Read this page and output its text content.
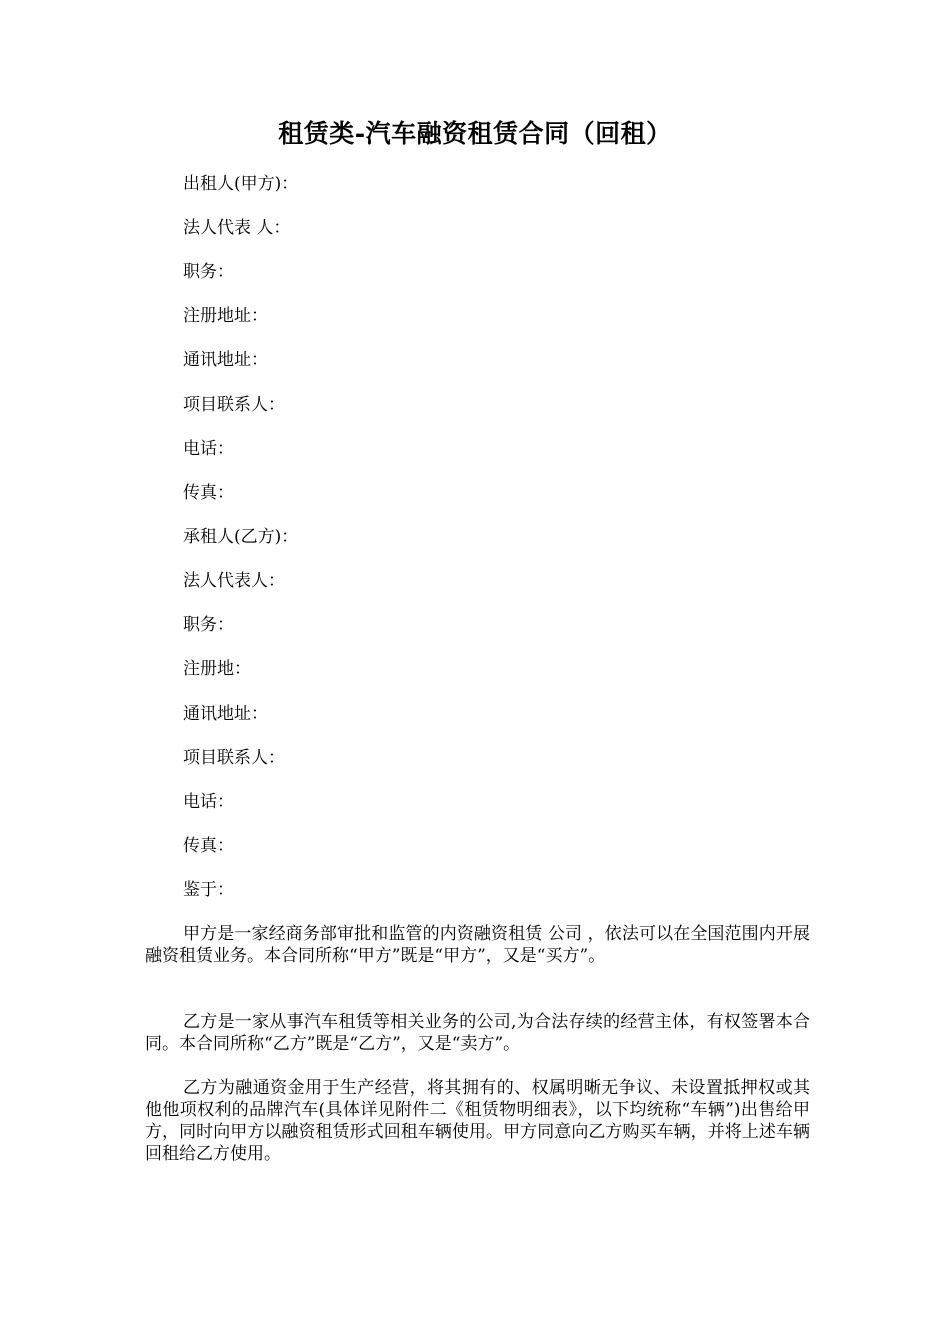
租赁类-汽车融资租赁合同（回租）

出租人(甲方)：

法人代表 人：

职务：

注册地址：

通讯地址：

项目联系人：

电话：

传真：

承租人(乙方)：

法人代表人：

职务：

注册地：

通讯地址：

项目联系人：

电话：

传真：

鉴于：

甲方是一家经商务部审批和监管的内资融资租赁 公司 ，依法可以在全国范围内开展融资租赁业务。本合同所称“甲方”既是“甲方”，又是“买方”。

乙方是一家从事汽车租赁等相关业务的公司,为合法存续的经营主体，有权签署本合同。本合同所称“乙方”既是“乙方”，又是“卖方”。

乙方为融通资金用于生产经营，将其拥有的、权属明晰无争议、未设置抵押权或其他他项权利的品牌汽车(具体详见附件二《租赁物明细表》，以下均统称“车辆”)出售给甲方，同时向甲方以融资租赁形式回租车辆使用。甲方同意向乙方购买车辆，并将上述车辆回租给乙方使用。
